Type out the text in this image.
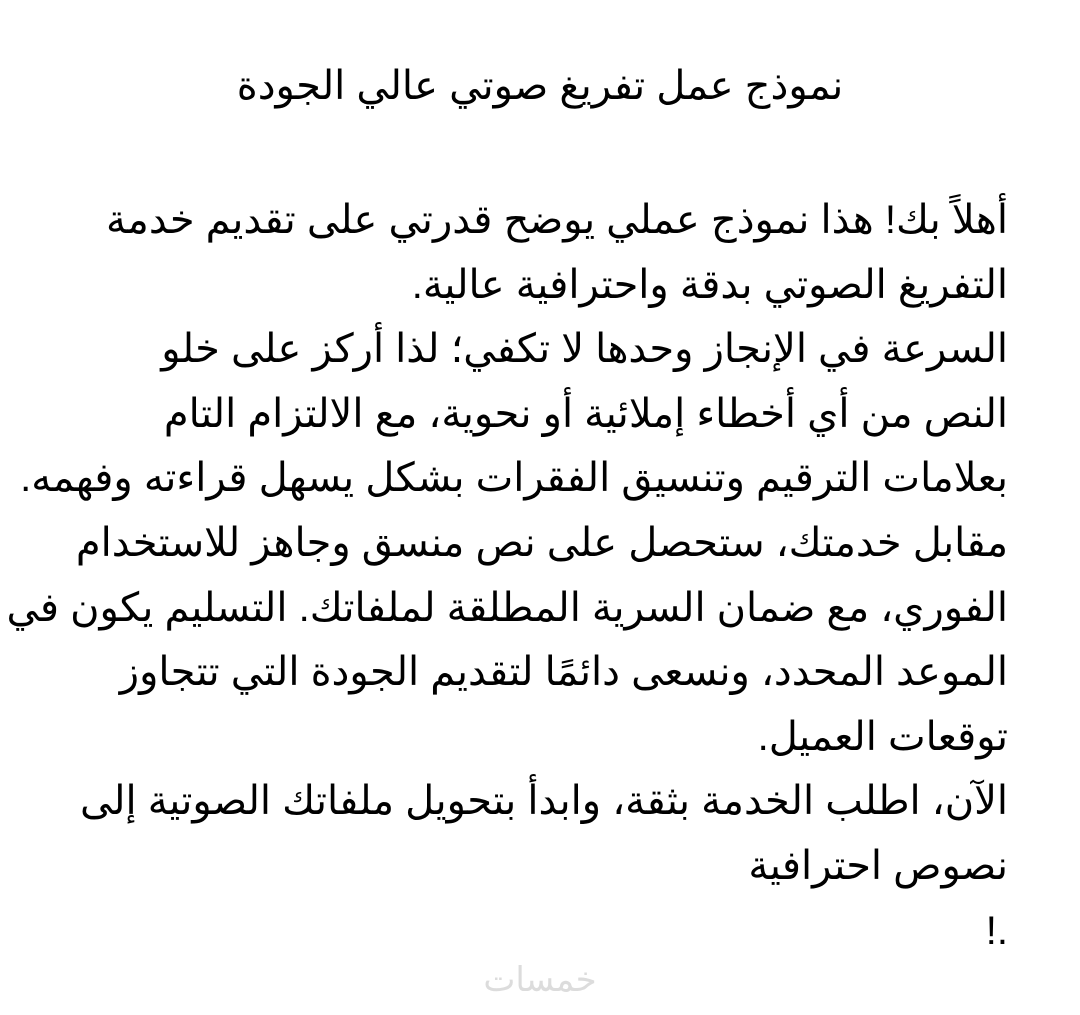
نموذج عمل تفريغ صوتي عالي الجودة
أهلاً بك! هذا نموذج عملي يوضح قدرتي على تقديم خدمة
التفريغ الصوتي بدقة واحترافية عالية.
السرعة في الإنجاز وحدها لا تكفي؛ لذا أركز على خلو
النص من أي أخطاء إملائية أو نحوية، مع الالتزام التام
بعلامات الترقيم وتنسيق الفقرات بشكل يسهل قراءته وفهمه.
مقابل خدمتك، ستحصل على نص منسق وجاهز للاستخدام
الفوري، مع ضمان السرية المطلقة لملفاتك. التسليم يكون في
الموعد المحدد، ونسعى دائمًا لتقديم الجودة التي تتجاوز
توقعات العميل.
الآن، اطلب الخدمة بثقة، وابدأ بتحويل ملفاتك الصوتية إلى
نصوص احترافية
!.
خمسات
